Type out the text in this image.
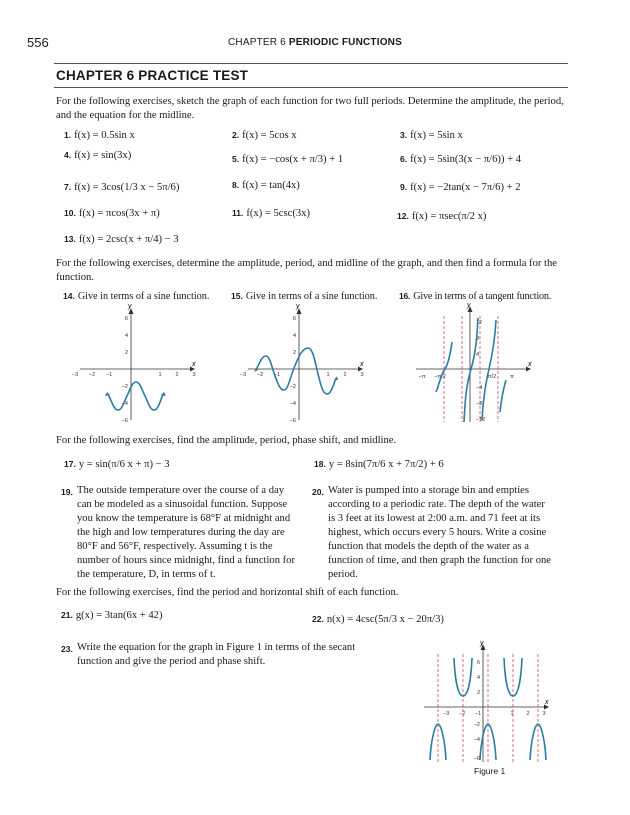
556	CHAPTER 6 PERIODIC FUNCTIONS
CHAPTER 6 PRACTICE TEST
For the following exercises, sketch the graph of each function for two full periods. Determine the amplitude, the period, and the equation for the midline.
1. f(x) = 0.5sin x	2. f(x) = 5cos x	3. f(x) = 5sin x
4. f(x) = sin(3x)	5. f(x) = −cos(x + π/3) + 1	6. f(x) = 5sin(3(x − π/6)) + 4
7. f(x) = 3cos(1/3 x − 5π/6)	8. f(x) = tan(4x)	9. f(x) = −2tan(x − 7π/6) + 2
10. f(x) = πcos(3x + π)	11. f(x) = 5csc(3x)	12. f(x) = πsec(π/2 x)
13. f(x) = 2csc(x + π/4) − 3
For the following exercises, determine the amplitude, period, and midline of the graph, and then find a formula for the function.
14. Give in terms of a sine function.	15. Give in terms of a sine function.	16. Give in terms of a tangent function.
x
y
−3 −2 −1	1	2	3
6
4
2
−2
−4
−6
x
y
−3 −2 −1	1	2	3
6
4
2
−2
−4
−6
x
y
−π −π/2	π/2	π
12
8
4
−4
−8
−12
For the following exercises, find the amplitude, period, phase shift, and midline.
17. y = sin(π/6 x + π) − 3	18. y = 8sin(7π/6 x + 7π/2) + 6
19. The outside temperature over the course of a day can be modeled as a sinusoidal function. Suppose you know the temperature is 68°F at midnight and the high and low temperatures during the day are 80°F and 56°F, respectively. Assuming t is the number of hours since midnight, find a function for the temperature, D, in terms of t.
20. Water is pumped into a storage bin and empties according to a periodic rate. The depth of the water is 3 feet at its lowest at 2:00 a.m. and 71 feet at its highest, which occurs every 5 hours. Write a cosine function that models the depth of the water as a function of time, and then graph the function for one period.
For the following exercises, find the period and horizontal shift of each function.
21. g(x) = 3tan(6x + 42)	22. n(x) = 4csc(5π/3 x − 20π/3)
23. Write the equation for the graph in Figure 1 in terms of the secant function and give the period and phase shift.
x
y
−3 −2 −1	1 2 3
6
4
2
−2
−4
−6
Figure 1
